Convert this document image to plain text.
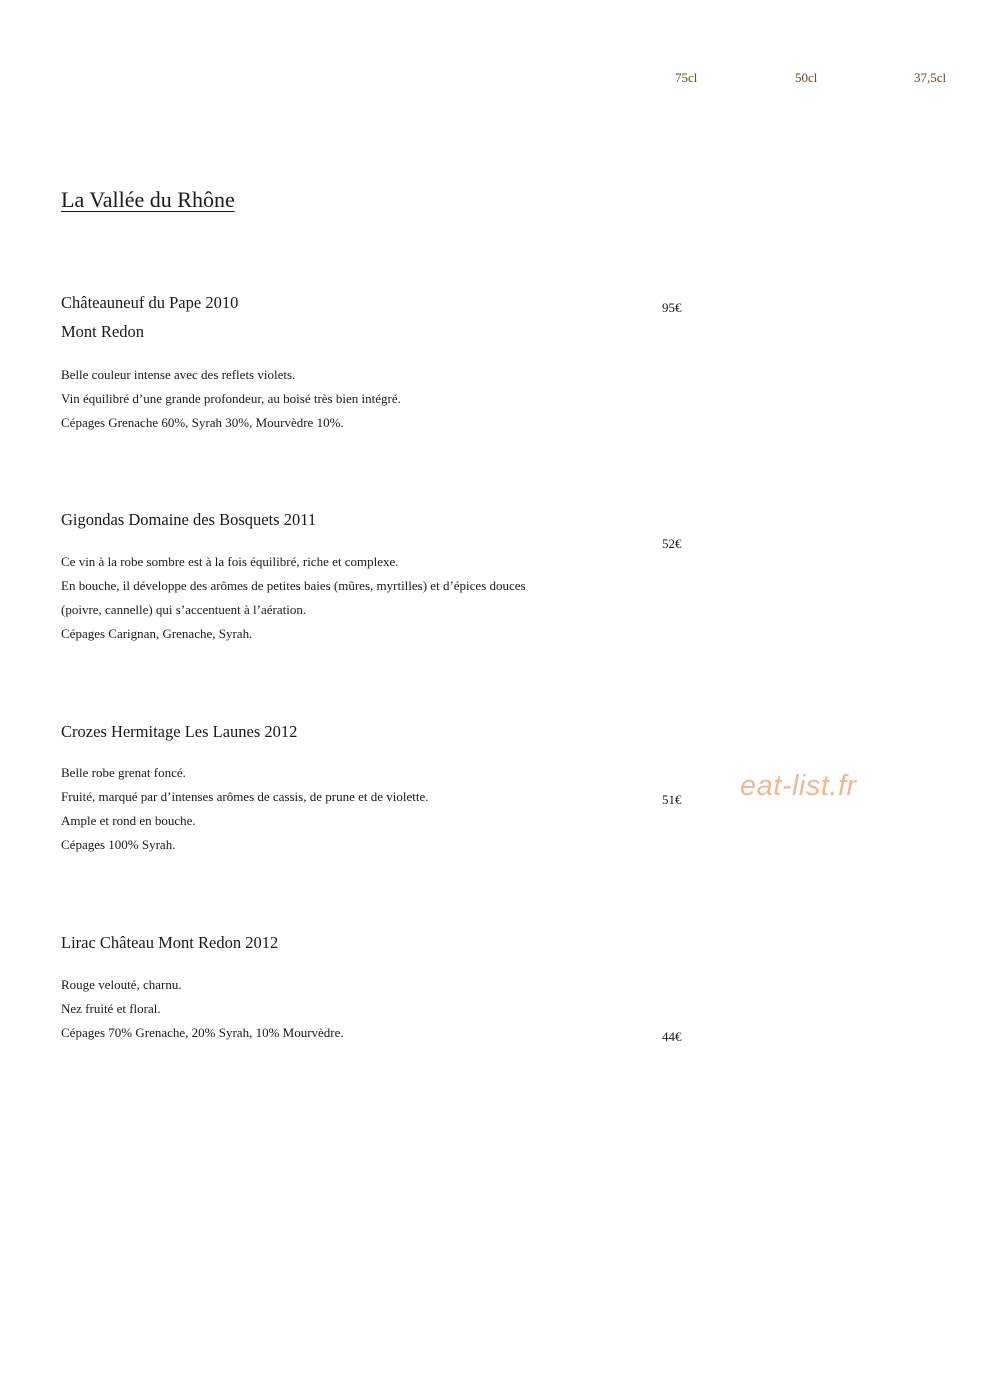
75cl	50cl	37,5cl
La Vallée du Rhône
Châteauneuf du Pape 2010
Mont Redon
95€
Belle couleur intense avec des reflets violets.
Vin équilibré d’une grande profondeur, au boisé très bien intégré.
Cépages Grenache 60%, Syrah 30%, Mourvèdre 10%.
Gigondas Domaine des Bosquets 2011
52€
Ce vin à la robe sombre est à la fois équilibré, riche et complexe.
En bouche, il développe des arômes de petites baies (mûres, myrtilles) et d’épices douces
(poivre, cannelle) qui s’accentuent à l’aération.
Cépages Carignan, Grenache, Syrah.
Crozes Hermitage Les Launes 2012
51€
Belle robe grenat foncé.
Fruité, marqué par d’intenses arômes de cassis, de prune et de violette.
Ample et rond en bouche.
Cépages 100% Syrah.
Lirac Château Mont Redon 2012
44€
Rouge velouté, charnu.
Nez fruité et floral.
Cépages 70% Grenache, 20% Syrah, 10% Mourvèdre.
eat-list.fr
